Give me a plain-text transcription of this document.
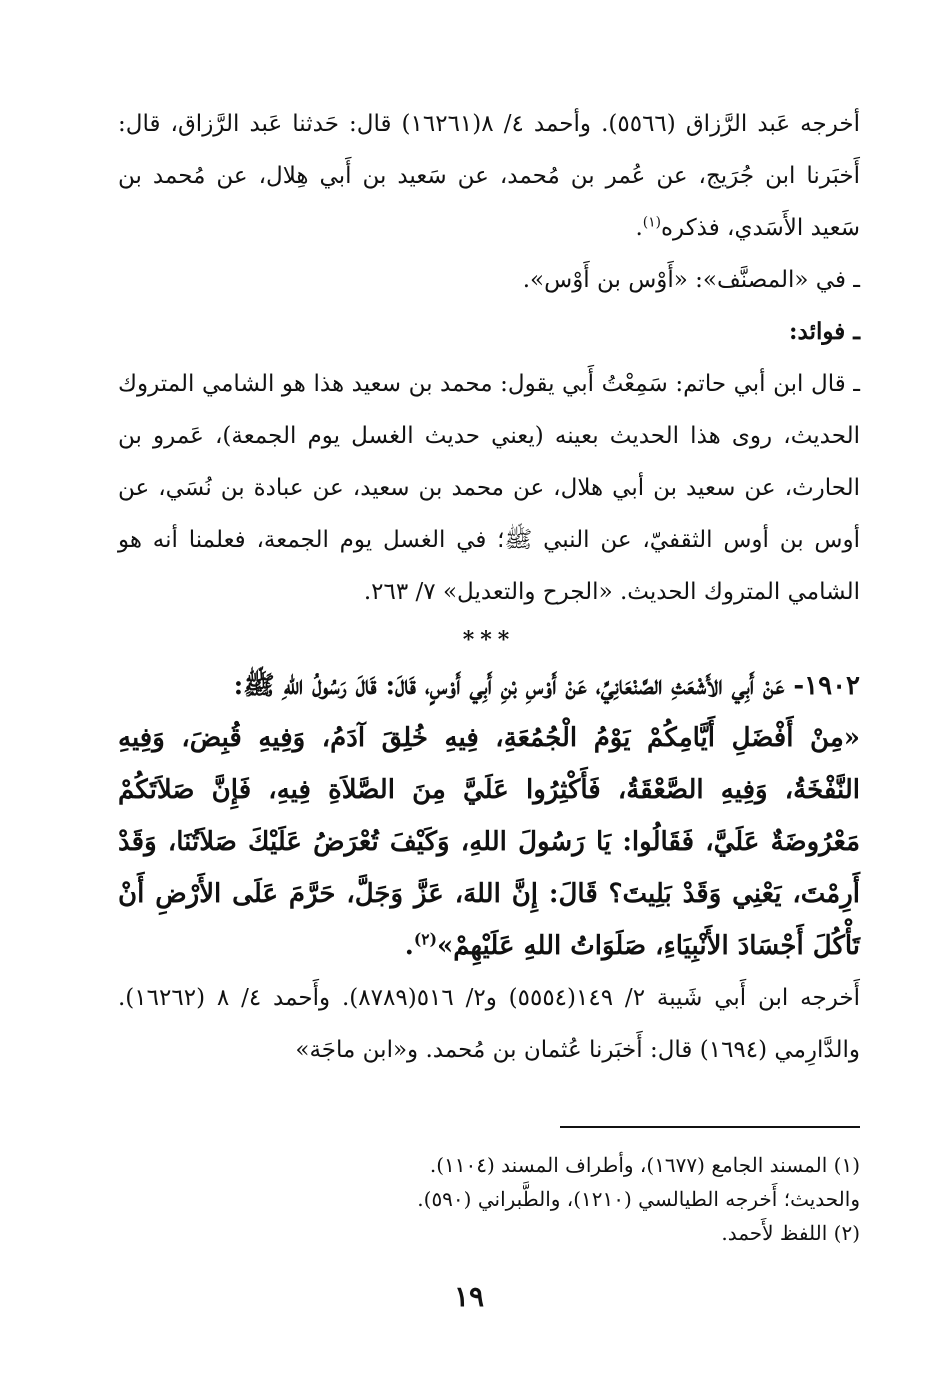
أخرجه عَبد الرَّزاق (٥٥٦٦). وأحمد ٤/ ٨(١٦٢٦١) قال: حَدثنا عَبد الرَّزاق، قال: أَخبَرنا ابن جُرَيج، عن عُمر بن مُحمد، عن سَعيد بن أَبي هِلال، عن مُحمد بن سَعيد الأَسَدي، فذكره$^{(١)}$.

ـ في «المصنَّف»: «أَوْس بن أَوْس».

ـ فوائد:

ـ قال ابن أبي حاتم: سَمِعْتُ أَبي يقول: محمد بن سعيد هذا هو الشامي المتروك الحديث، روى هذا الحديث بعينه (يعني حديث الغسل يوم الجمعة)، عَمرو بن الحارث، عن سعيد بن أبي هلال، عن محمد بن سعيد، عن عبادة بن نُسَي، عن أوس بن أوس الثقفيّ، عن النبي ﷺ؛ في الغسل يوم الجمعة، فعلمنا أنه هو الشامي المتروك الحديث. «الجرح والتعديل» ٧/ ٢٦٣.

***

١٩٠٢- عَنْ أَبِي الأَشْعَثِ الصَّنْعَانِيِّ، عَنْ أَوْسِ بْنِ أَبِي أَوْسٍ، قَالَ: قَالَ رَسُولُ اللهِ ﷺ:

«مِنْ أَفْضَلِ أَيَّامِكُمْ يَوْمُ الْجُمُعَةِ، فِيهِ خُلِقَ آدَمُ، وَفِيهِ قُبِضَ، وَفِيهِ النَّفْخَةُ، وَفِيهِ الصَّعْقَةُ، فَأَكْثِرُوا عَلَيَّ مِنَ الصَّلاَةِ فِيهِ، فَإِنَّ صَلاَتَكُمْ مَعْرُوضَةٌ عَلَيَّ، فَقَالُوا: يَا رَسُولَ اللهِ، وَكَيْفَ تُعْرَضُ عَلَيْكَ صَلاَتُنَا، وَقَدْ أَرِمْتَ، يَعْنِي وَقَدْ بَلِيتَ؟ قَالَ: إِنَّ اللهَ، عَزَّ وَجَلَّ، حَرَّمَ عَلَى الأَرْضِ أَنْ تَأْكُلَ أَجْسَادَ الأَنْبِيَاءِ، صَلَوَاتُ اللهِ عَلَيْهِمْ»$^{(٢)}$.

أَخرجه ابن أَبي شَيبة ٢/ ١٤٩(٥٥٥٤) و٢/ ٥١٦(٨٧٨٩). وأَحمد ٤/ ٨ (١٦٢٦٢). والدَّارِمي (١٦٩٤) قال: أَخبَرنا عُثمان بن مُحمد. و«ابن ماجَة»

(١) المسند الجامع (١٦٧٧)، وأطراف المسند (١١٠٤).

والحديث؛ أَخرجه الطيالسي (١٢١٠)، والطَّبراني (٥٩٠).

(٢) اللفظ لأَحمد.

١٩
